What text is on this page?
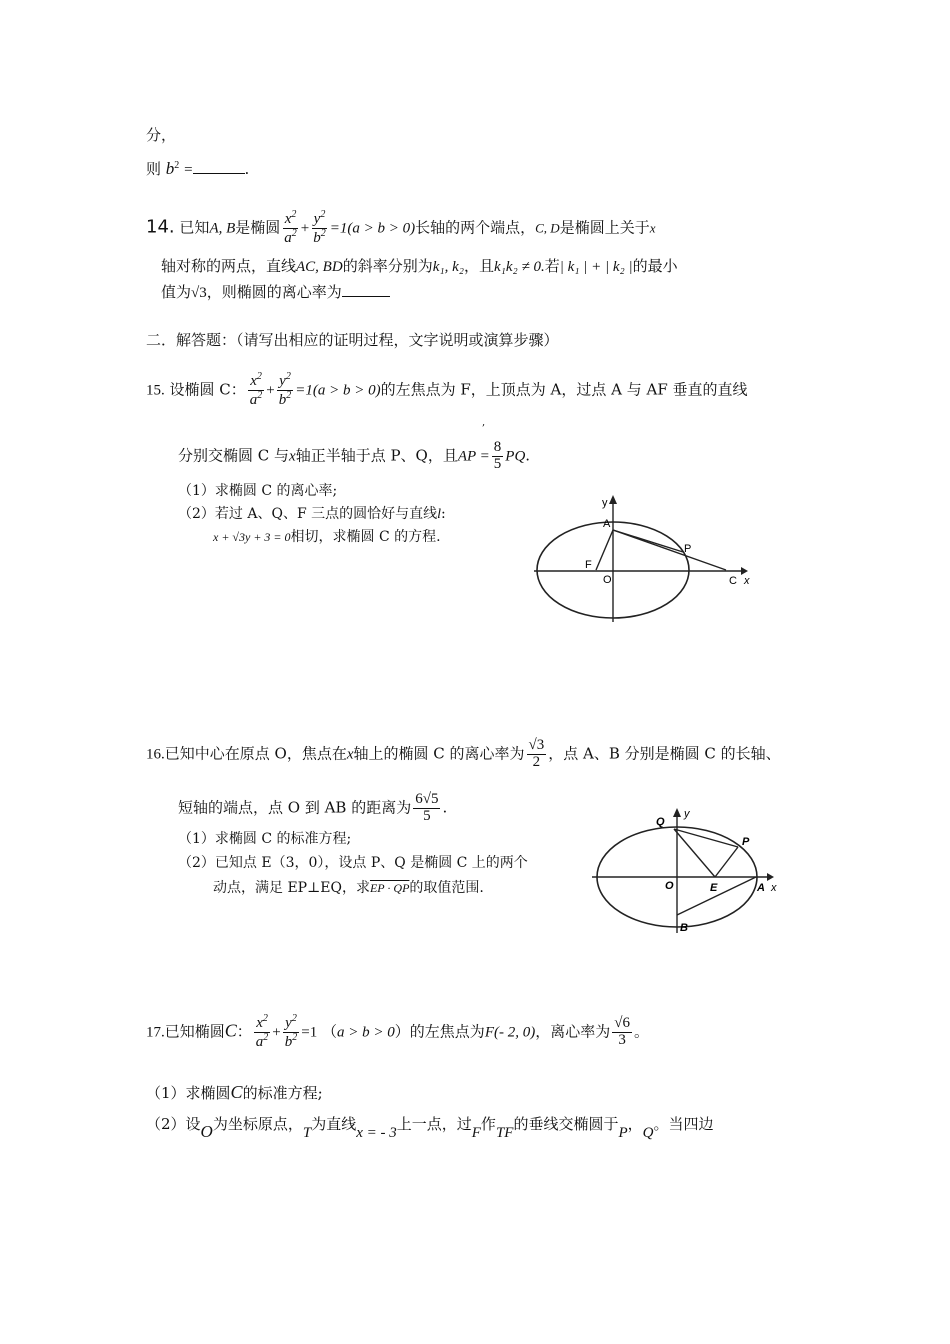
分，
则 $b^2$ =	.
14. 已知A, B是椭圆 $\frac{x^2}{a^2} + \frac{y^2}{b^2} =1(a > b > 0)$长轴的两个端点，C, D是椭圆上关于x
轴对称的两点，直线AC, BD的斜率分别为k₁, k₂，且k₁k₂ ≠ 0.若| k₁ | + | k₂ |的最小
值为√3，则椭圆的离心率为
二．解答题：（请写出相应的证明过程，文字说明或演算步骤）
15. 设椭圆 C： $\frac{x^2}{a^2} + \frac{y^2}{b^2} =1(a > b > 0)$的左焦点为 F，上顶点为 A，过点 A 与 AF 垂直的直线
,
分别交椭圆 C 与x轴正半轴于点 P、Q，且AP = $\frac{8}{5}$ PQ.
（1）求椭圆 C 的离心率;
（2）若过 A、Q、F 三点的圆恰好与直线l:
x + √3y + 3 = 0相切，求椭圆 C 的方程.
y
A
P
F
O	C x
16.已知中心在原点 O，焦点在x轴上的椭圆 C 的离心率为 $\frac{√3}{2}$ ，点 A、B 分别是椭圆 C 的长轴、
短轴的端点，点 O 到 AB 的距离为 $\frac{6√5}{5}$ .
（1）求椭圆 C 的标准方程;
（2）已知点 E（3，0），设点 P、Q 是椭圆 C 上的两个
动点，满足 EP⊥EQ，求EP · QP的取值范围.
Q
y
P
O	E	A x
B
17.已知椭圆C： $\frac{x^2}{a^2} + \frac{y^2}{b^2} =1$ （a > b > 0）的左焦点为F(- 2, 0)，离心率为 $\frac{√6}{3}$ 。
（1）求椭圆C的标准方程;
（2）设O为坐标原点，T为直线x = - 3上一点，过F作TF的垂线交椭圆于P，Q。当四边
